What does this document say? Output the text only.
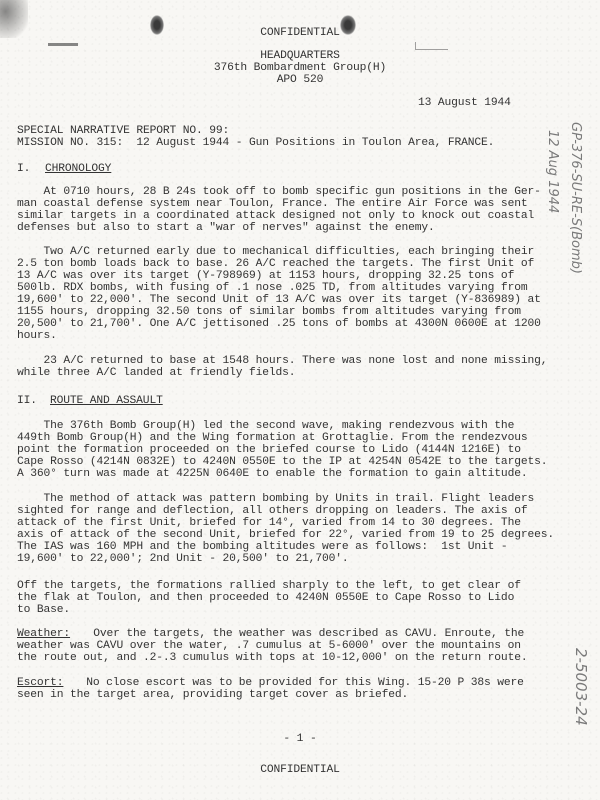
CONFIDENTIAL
HEADQUARTERS
376th Bombardment Group(H)
APO 520
13 August 1944
SPECIAL NARRATIVE REPORT NO. 99:
MISSION NO. 315:  12 August 1944 - Gun Positions in Toulon Area, FRANCE.
I. CHRONOLOGY
At 0710 hours, 28 B 24s took off to bomb specific gun positions in the Ger-
man coastal defense system near Toulon, France. The entire Air Force was sent
similar targets in a coordinated attack designed not only to knock out coastal
defenses but also to start a "war of nerves" against the enemy.
Two A/C returned early due to mechanical difficulties, each bringing their
2.5 ton bomb loads back to base. 26 A/C reached the targets. The first Unit of
13 A/C was over its target (Y-798969) at 1153 hours, dropping 32.25 tons of
500lb. RDX bombs, with fusing of .1 nose .025 TD, from altitudes varying from
19,600' to 22,000'. The second Unit of 13 A/C was over its target (Y-836989) at
1155 hours, dropping 32.50 tons of similar bombs from altitudes varying from
20,500' to 21,700'. One A/C jettisoned .25 tons of bombs at 4300N 0600E at 1200
hours.
23 A/C returned to base at 1548 hours. There was none lost and none missing,
while three A/C landed at friendly fields.
II. ROUTE AND ASSAULT
The 376th Bomb Group(H) led the second wave, making rendezvous with the
449th Bomb Group(H) and the Wing formation at Grottaglie. From the rendezvous
point the formation proceeded on the briefed course to Lido (4144N 1216E) to
Cape Rosso (4214N 0832E) to 4240N 0550E to the IP at 4254N 0542E to the targets.
A 360° turn was made at 4225N 0640E to enable the formation to gain altitude.
The method of attack was pattern bombing by Units in trail. Flight leaders
sighted for range and deflection, all others dropping on leaders. The axis of
attack of the first Unit, briefed for 14°, varied from 14 to 30 degrees. The
axis of attack of the second Unit, briefed for 22°, varied from 19 to 25 degrees.
The IAS was 160 MPH and the bombing altitudes were as follows:  1st Unit -
19,600' to 22,000'; 2nd Unit - 20,500' to 21,700'.
Off the targets, the formations rallied sharply to the left, to get clear of
the flak at Toulon, and then proceeded to 4240N 0550E to Cape Rosso to Lido
to Base.
Weather: Over the targets, the weather was described as CAVU. Enroute, the
weather was CAVU over the water, .7 cumulus at 5-6000' over the mountains on
the route out, and .2-.3 cumulus with tops at 10-12,000' on the return route.
Escort: No close escort was to be provided for this Wing. 15-20 P 38s were
seen in the target area, providing target cover as briefed.
- 1 -
CONFIDENTIAL
GP-376-SU-RE-S(Bomb)
12 Aug 1944
2-5003-24
